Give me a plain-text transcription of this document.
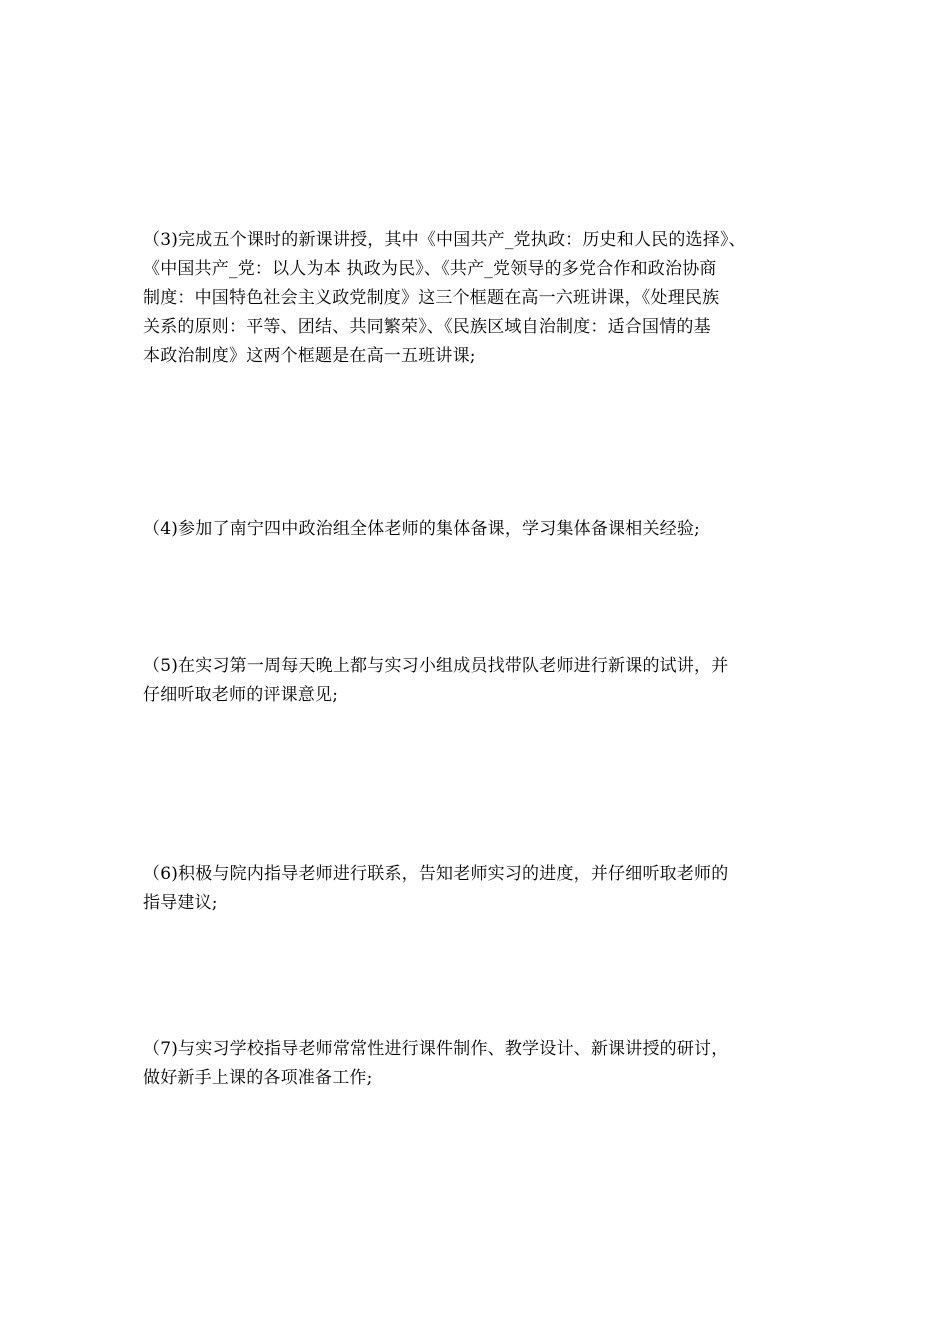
（3)完成五个课时的新课讲授，其中《中国共产_党执政：历史和人民的选择》、
《中国共产_党：以人为本 执政为民》、《共产_党领导的多党合作和政治协商
制度：中国特色社会主义政党制度》这三个框题在高一六班讲课，《处理民族
关系的原则：平等、团结、共同繁荣》、《民族区域自治制度：适合国情的基
本政治制度》这两个框题是在高一五班讲课;
（4)参加了南宁四中政治组全体老师的集体备课，学习集体备课相关经验;
（5)在实习第一周每天晚上都与实习小组成员找带队老师进行新课的试讲，并
仔细听取老师的评课意见;
（6)积极与院内指导老师进行联系，告知老师实习的进度，并仔细听取老师的
指导建议;
（7)与实习学校指导老师常常性进行课件制作、教学设计、新课讲授的研讨，
做好新手上课的各项准备工作;
